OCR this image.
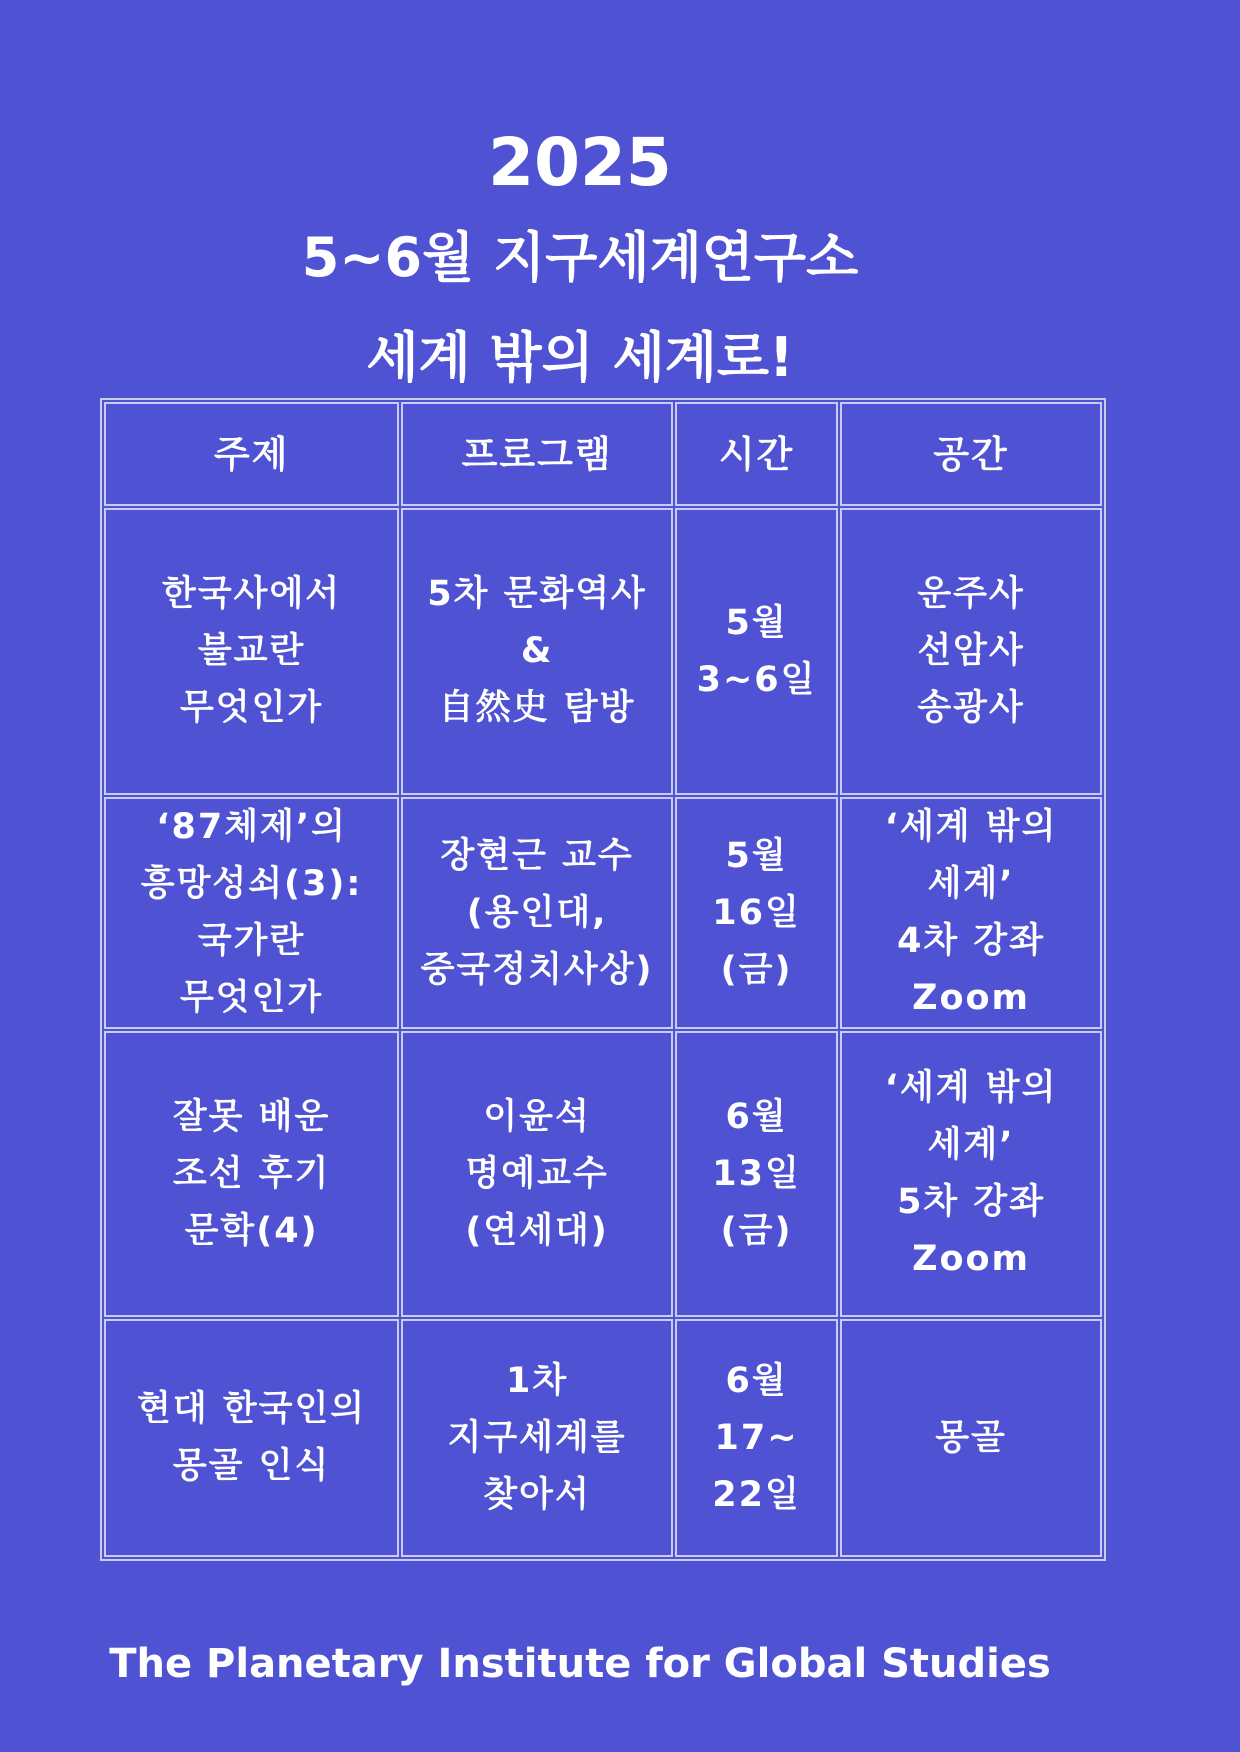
2025
5~6월 지구세계연구소
세계 밖의 세계로!
주제	프로그램	시간	공간

한국사에서
불교란
무엇인가	5차 문화역사
&
自然史 탐방	5월
3~6일	운주사
선암사
송광사

‘87체제’의
흥망성쇠(3):
국가란
무엇인가	장현근 교수
(용인대,
중국정치사상)	5월
16일
(금)	‘세계 밖의
세계’
4차 강좌
Zoom

잘못 배운
조선 후기
문학(4)	이윤석
명예교수
(연세대)	6월
13일
(금)	‘세계 밖의
세계’
5차 강좌
Zoom

현대 한국인의
몽골 인식	1차
지구세계를
찾아서	6월
17~
22일	몽골
The Planetary Institute for Global Studies
